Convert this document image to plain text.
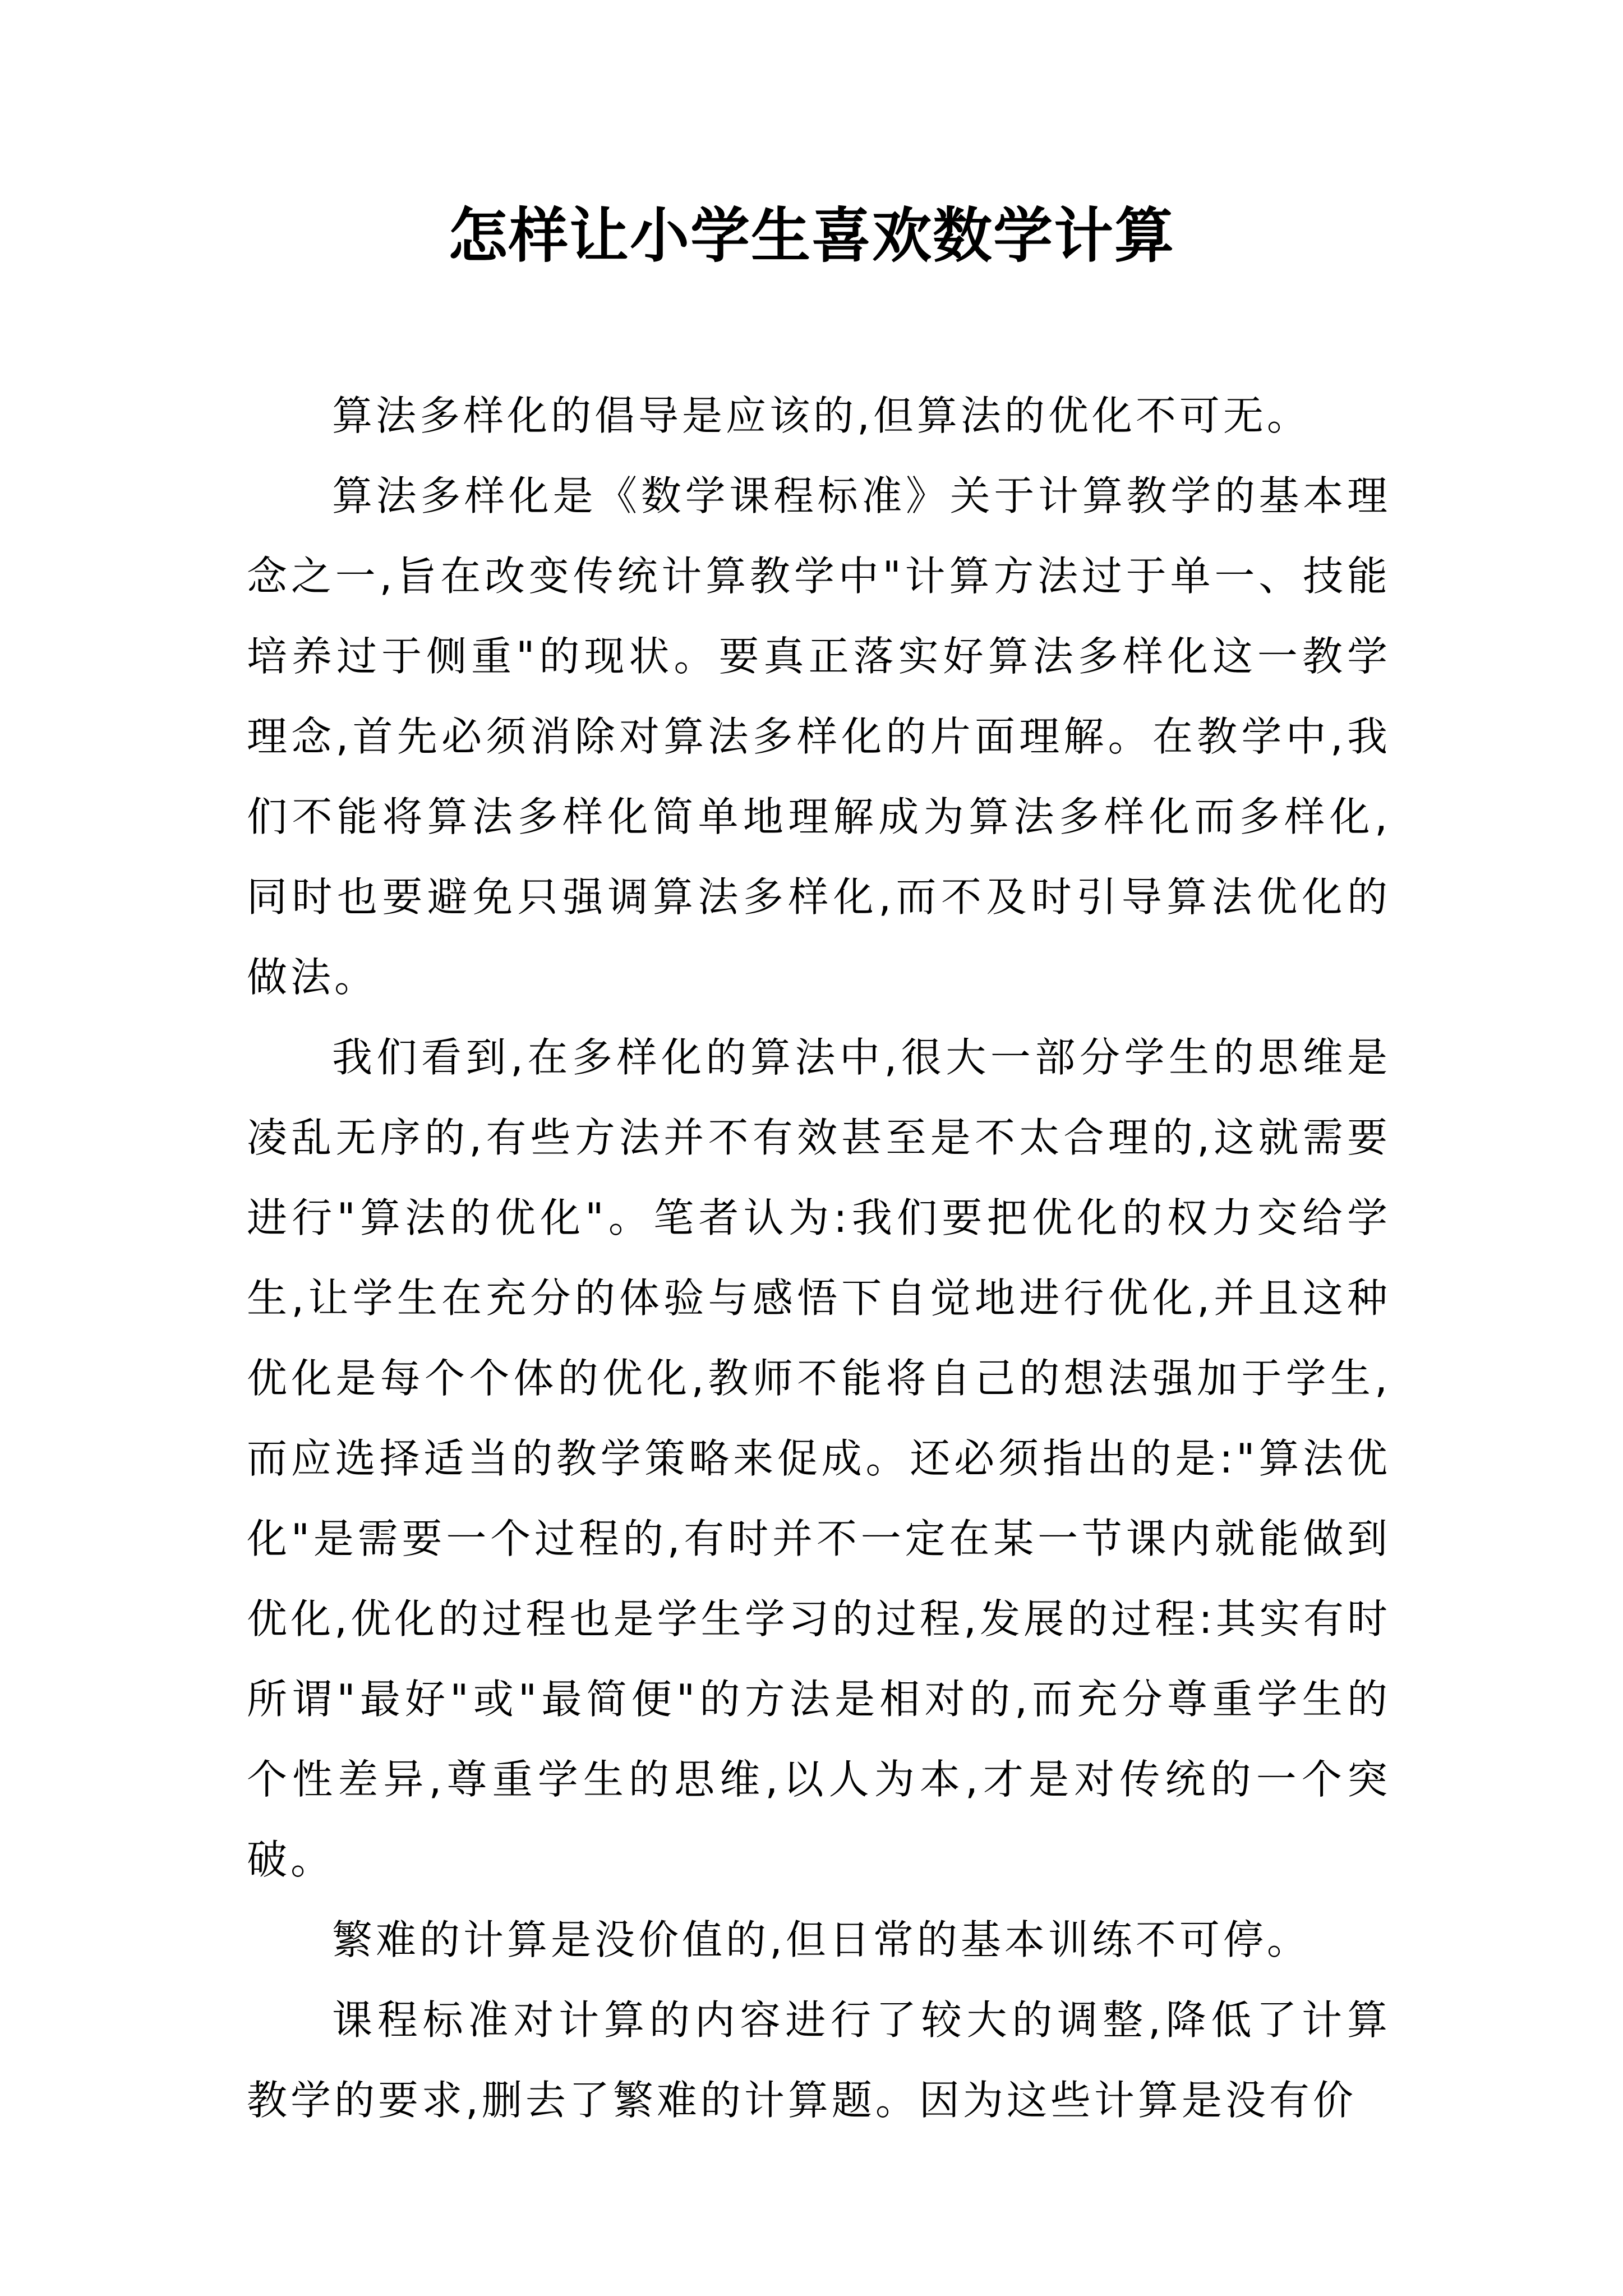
怎样让小学生喜欢数学计算

算法多样化的倡导是应该的,但算法的优化不可无。

算法多样化是《数学课程标准》关于计算教学的基本理念之一,旨在改变传统计算教学中"计算方法过于单一、技能培养过于侧重"的现状。要真正落实好算法多样化这一教学理念,首先必须消除对算法多样化的片面理解。在教学中,我们不能将算法多样化简单地理解成为算法多样化而多样化,同时也要避免只强调算法多样化,而不及时引导算法优化的做法。

我们看到,在多样化的算法中,很大一部分学生的思维是凌乱无序的,有些方法并不有效甚至是不太合理的,这就需要进行"算法的优化"。笔者认为:我们要把优化的权力交给学生,让学生在充分的体验与感悟下自觉地进行优化,并且这种优化是每个个体的优化,教师不能将自己的想法强加于学生,而应选择适当的教学策略来促成。还必须指出的是:"算法优化"是需要一个过程的,有时并不一定在某一节课内就能做到优化,优化的过程也是学生学习的过程,发展的过程:其实有时所谓"最好"或"最简便"的方法是相对的,而充分尊重学生的个性差异,尊重学生的思维,以人为本,才是对传统的一个突破。

繁难的计算是没价值的,但日常的基本训练不可停。

课程标准对计算的内容进行了较大的调整,降低了计算教学的要求,删去了繁难的计算题。因为这些计算是没有价
